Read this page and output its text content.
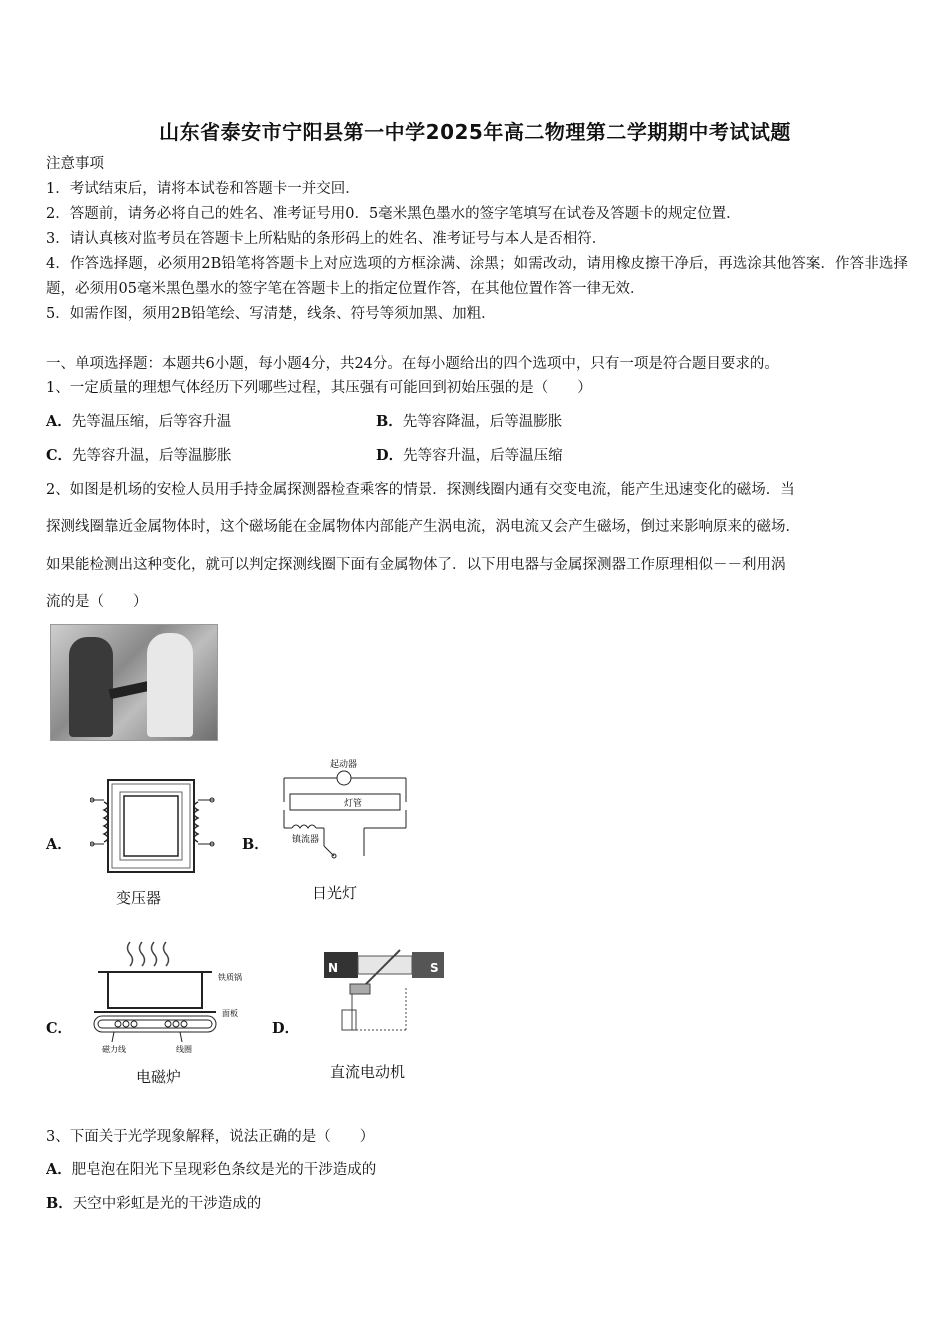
山东省泰安市宁阳县第一中学2025年高二物理第二学期期中考试试题
注意事项
1．考试结束后，请将本试卷和答题卡一并交回．
2．答题前，请务必将自己的姓名、准考证号用0．5毫米黑色墨水的签字笔填写在试卷及答题卡的规定位置．
3．请认真核对监考员在答题卡上所粘贴的条形码上的姓名、准考证号与本人是否相符．
4．作答选择题，必须用2B铅笔将答题卡上对应选项的方框涂满、涂黑；如需改动，请用橡皮擦干净后，再选涂其他答案．作答非选择题，必须用05毫米黑色墨水的签字笔在答题卡上的指定位置作答，在其他位置作答一律无效．
5．如需作图，须用2B铅笔绘、写清楚，线条、符号等须加黑、加粗．
一、单项选择题：本题共6小题，每小题4分，共24分。在每小题给出的四个选项中，只有一项是符合题目要求的。
1、一定质量的理想气体经历下列哪些过程，其压强有可能回到初始压强的是（　　）
A．先等温压缩，后等容升温	B．先等容降温，后等温膨胀
C．先等容升温，后等温膨胀	D．先等容升温，后等温压缩
2、如图是机场的安检人员用手持金属探测器检查乘客的情景．探测线圈内通有交变电流，能产生迅速变化的磁场．当
探测线圈靠近金属物体时，这个磁场能在金属物体内部能产生涡电流，涡电流又会产生磁场，倒过来影响原来的磁场．
如果能检测出这种变化，就可以判定探测线圈下面有金属物体了．以下用电器与金属探测器工作原理相似－－利用涡
流的是（　　）
A．
变压器
B．
起动器
灯管
镇流器
日光灯
C．
铁质锅
面板
磁力线	线圈
电磁炉
D．
N	S
直流电动机
3、下面关于光学现象解释，说法正确的是（　　）
A．肥皂泡在阳光下呈现彩色条纹是光的干涉造成的
B．天空中彩虹是光的干涉造成的
